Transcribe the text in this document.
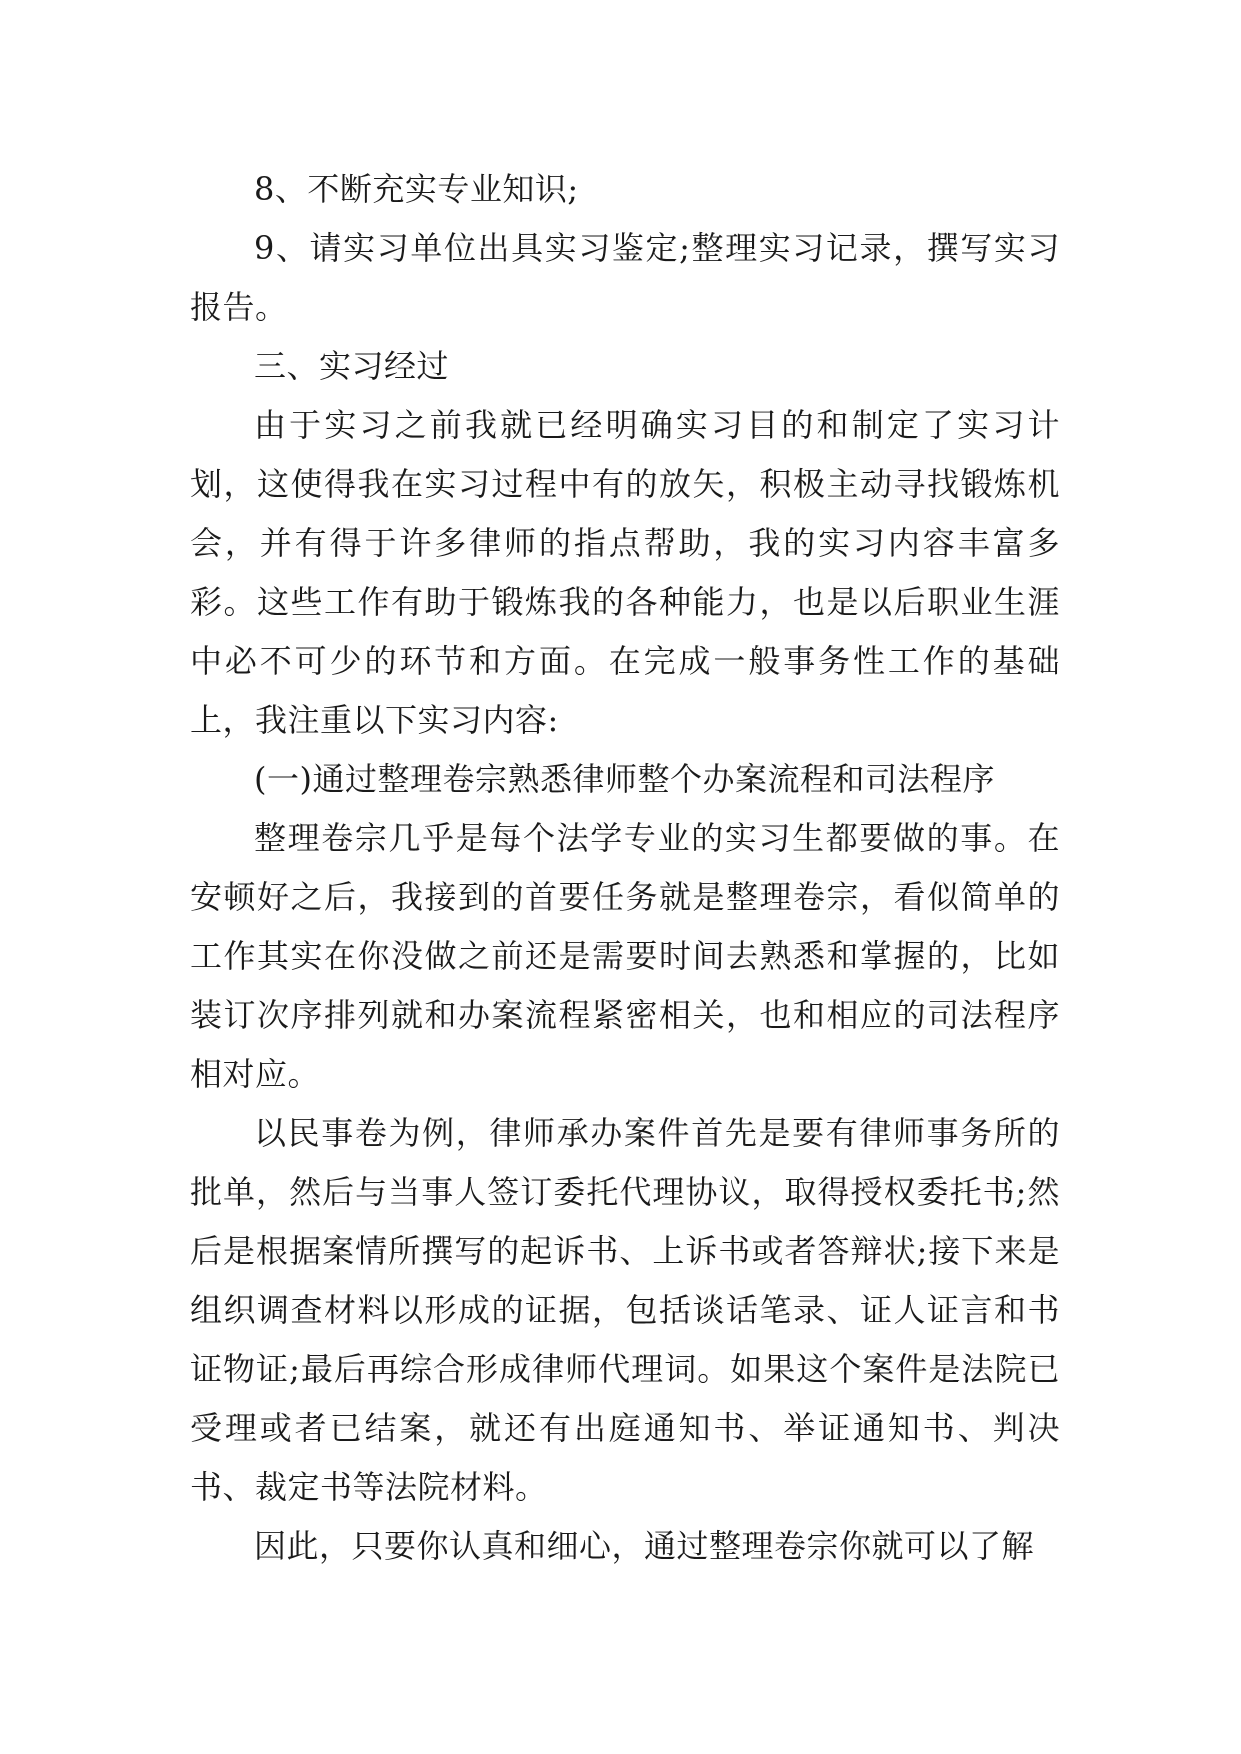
8、不断充实专业知识;

9、请实习单位出具实习鉴定;整理实习记录，撰写实习报告。

三、实习经过

由于实习之前我就已经明确实习目的和制定了实习计划，这使得我在实习过程中有的放矢，积极主动寻找锻炼机会，并有得于许多律师的指点帮助，我的实习内容丰富多彩。这些工作有助于锻炼我的各种能力，也是以后职业生涯中必不可少的环节和方面。在完成一般事务性工作的基础上，我注重以下实习内容:

(一)通过整理卷宗熟悉律师整个办案流程和司法程序

整理卷宗几乎是每个法学专业的实习生都要做的事。在安顿好之后，我接到的首要任务就是整理卷宗，看似简单的工作其实在你没做之前还是需要时间去熟悉和掌握的，比如装订次序排列就和办案流程紧密相关，也和相应的司法程序相对应。

以民事卷为例，律师承办案件首先是要有律师事务所的批单，然后与当事人签订委托代理协议，取得授权委托书;然后是根据案情所撰写的起诉书、上诉书或者答辩状;接下来是组织调查材料以形成的证据，包括谈话笔录、证人证言和书证物证;最后再综合形成律师代理词。如果这个案件是法院已受理或者已结案，就还有出庭通知书、举证通知书、判决书、裁定书等法院材料。

因此，只要你认真和细心，通过整理卷宗你就可以了解
